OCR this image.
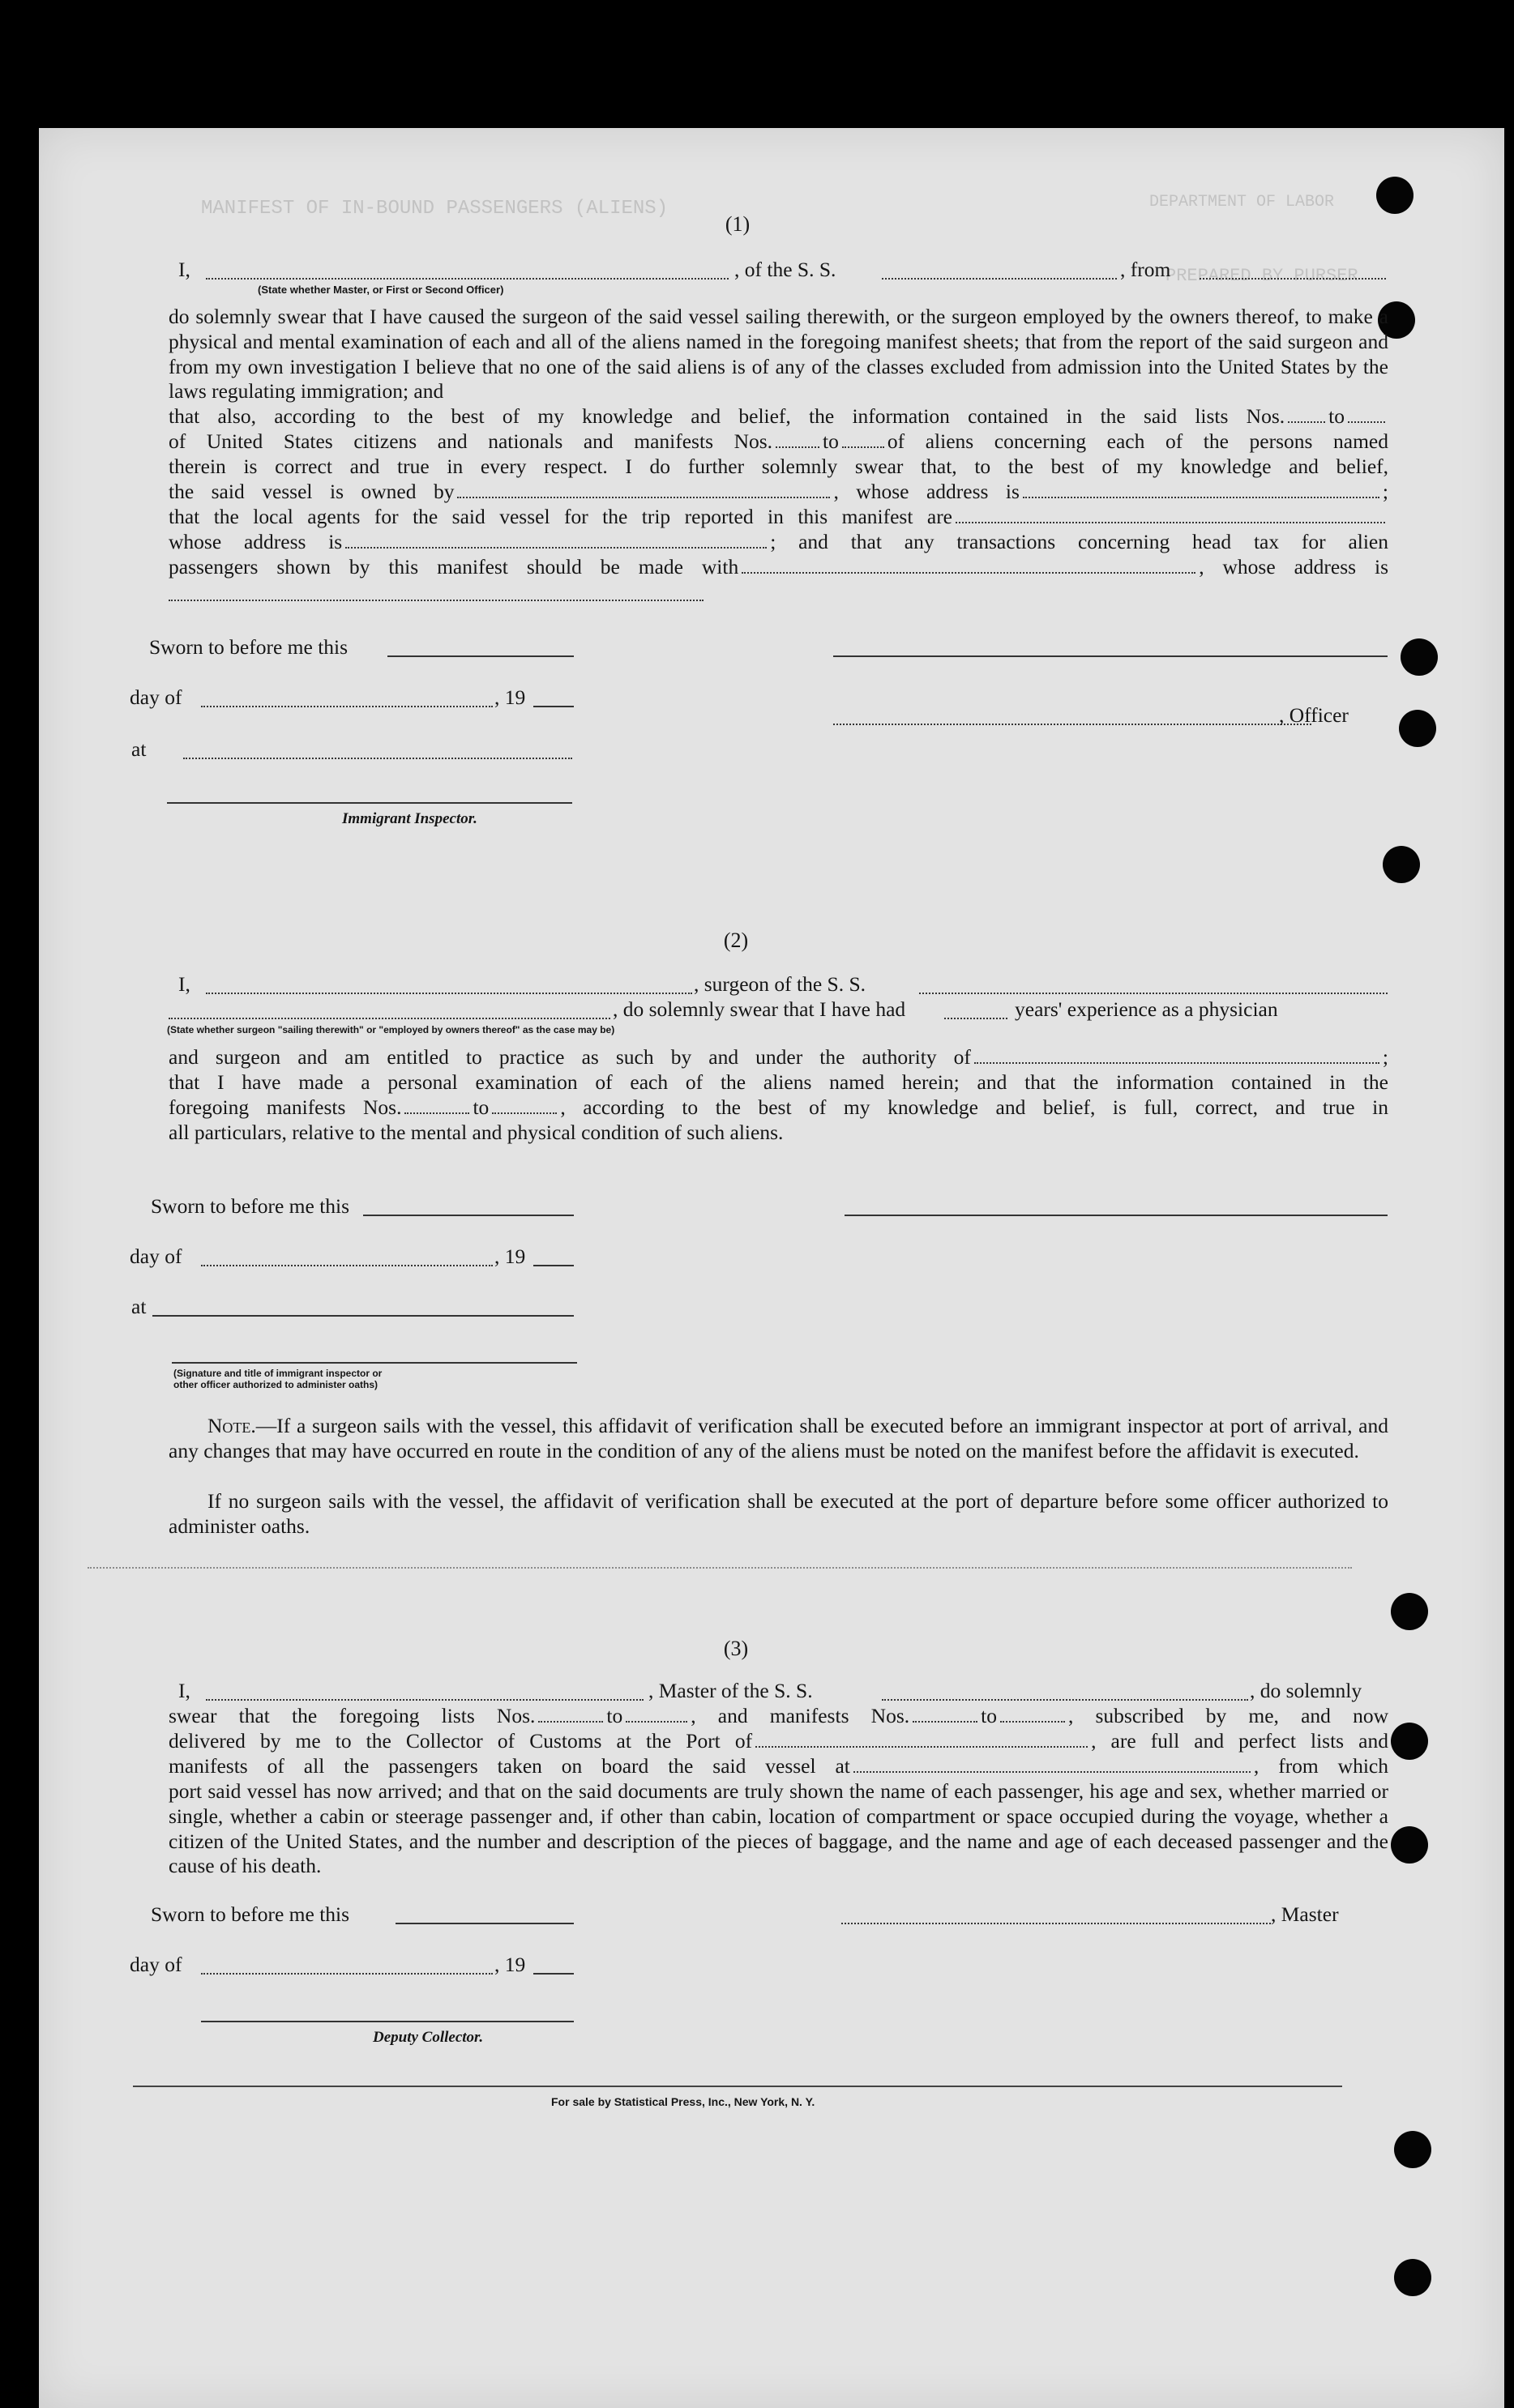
MANIFEST OF IN-BOUND PASSENGERS (ALIENS)	DEPARTMENT OF LABOR
PREPARED BY PURSER
(1)
I,
(State whether Master, or First or Second Officer)
, of the S. S.	, from
do solemnly swear that I have caused the surgeon of the said vessel sailing therewith, or the surgeon employed by the owners thereof, to make a physical and mental examination of each and all of the aliens named in the foregoing manifest sheets; that from the report of the said surgeon and from my own investigation I believe that no one of the said aliens is of any of the classes excluded from admission into the United States by the laws regulating immigration; and
that also, according to the best of my knowledge and belief, the information contained in the said lists Nos. to
of United States citizens and nationals and manifests Nos. to of aliens concerning each of the persons named
therein is correct and true in every respect. I do further solemnly swear that, to the best of my knowledge and belief,
the said vessel is owned by	, whose address is	;
that the local agents for the said vessel for the trip reported in this manifest are
whose address is	; and that any transactions concerning head tax for alien
passengers shown by this manifest should be made with	, whose address is
Sworn to before me this
day of	, 19
at
Immigrant Inspector.
, Officer
(2)
I,	, surgeon of the S. S.
(State whether surgeon "sailing therewith" or "employed by owners thereof" as the case may be)
, do solemnly swear that I have had	years' experience as a physician
and surgeon and am entitled to practice as such by and under the authority of	;
that I have made a personal examination of each of the aliens named herein; and that the information contained in the
foregoing manifests Nos.	to	, according to the best of my knowledge and belief, is full, correct, and true in
all particulars, relative to the mental and physical condition of such aliens.
Sworn to before me this
day of	, 19
at
(Signature and title of immigrant inspector or other officer authorized to administer oaths)
Note.—If a surgeon sails with the vessel, this affidavit of verification shall be executed before an immigrant inspector at port of arrival, and any changes that may have occurred en route in the condition of any of the aliens must be noted on the manifest before the affidavit is executed.
If no surgeon sails with the vessel, the affidavit of verification shall be executed at the port of departure before some officer authorized to administer oaths.
(3)
I,	, Master of the S. S.	, do solemnly
swear that the foregoing lists Nos.	to	, and manifests Nos.	to	, subscribed by me, and now
delivered by me to the Collector of Customs at the Port of	, are full and perfect lists and
manifests of all the passengers taken on board the said vessel at	, from which
port said vessel has now arrived; and that on the said documents are truly shown the name of each passenger, his age and sex, whether married or single, whether a cabin or steerage passenger and, if other than cabin, location of compartment or space occupied during the voyage, whether a citizen of the United States, and the number and description of the pieces of baggage, and the name and age of each deceased passenger and the cause of his death.
Sworn to before me this
day of	, 19
Deputy Collector.
, Master
For sale by Statistical Press, Inc., New York, N. Y.
